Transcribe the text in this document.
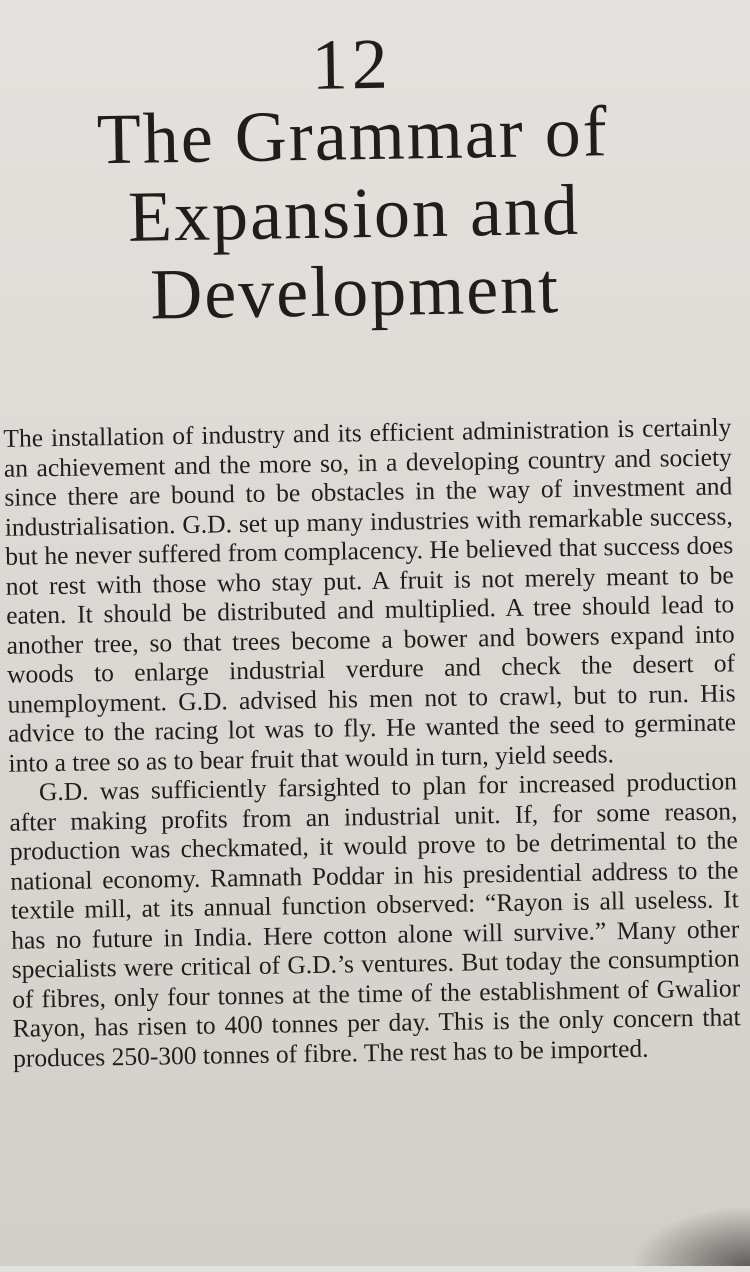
12
The Grammar of
Expansion and
Development

The installation of industry and its efficient administration is certainly an achievement and the more so, in a developing country and society since there are bound to be obstacles in the way of investment and industrialisation. G.D. set up many industries with remarkable success, but he never suffered from complacency. He believed that success does not rest with those who stay put. A fruit is not merely meant to be eaten. It should be distributed and multiplied. A tree should lead to another tree, so that trees become a bower and bowers expand into woods to enlarge industrial verdure and check the desert of unemployment. G.D. advised his men not to crawl, but to run. His advice to the racing lot was to fly. He wanted the seed to germinate into a tree so as to bear fruit that would in turn, yield seeds.

G.D. was sufficiently farsighted to plan for increased production after making profits from an industrial unit. If, for some reason, production was checkmated, it would prove to be detrimental to the national economy. Ramnath Poddar in his presidential address to the textile mill, at its annual function observed: “Rayon is all useless. It has no future in India. Here cotton alone will survive.” Many other specialists were critical of G.D.’s ventures. But today the consumption of fibres, only four tonnes at the time of the establishment of Gwalior Rayon, has risen to 400 tonnes per day. This is the only concern that produces 250-300 tonnes of fibre. The rest has to be imported.
